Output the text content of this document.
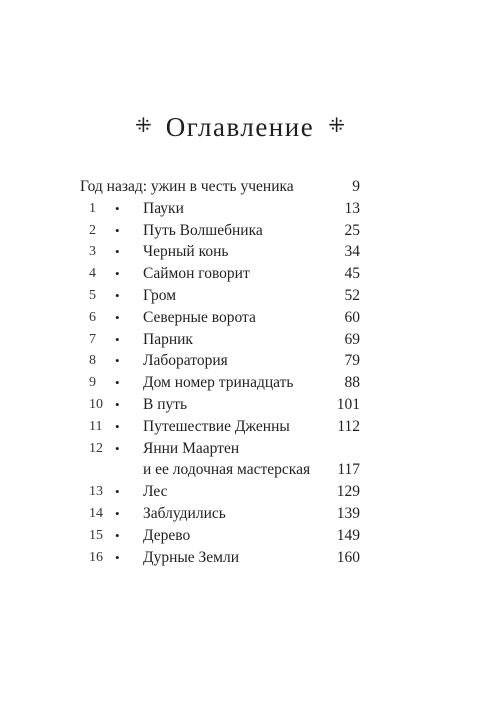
⁜ Оглавление ⁜
Год назад: ужин в честь ученика	9
1 • Пауки	13
2 • Путь Волшебника	25
3 • Черный конь	34
4 • Саймон говорит	45
5 • Гром	52
6 • Северные ворота	60
7 • Парник	69
8 • Лаборатория	79
9 • Дом номер тринадцать	88
10 • В путь	101
11 • Путешествие Дженны	112
12 • Янни Маартен
и ее лодочная мастерская	117
13 • Лес	129
14 • Заблудились	139
15 • Дерево	149
16 • Дурные Земли	160
